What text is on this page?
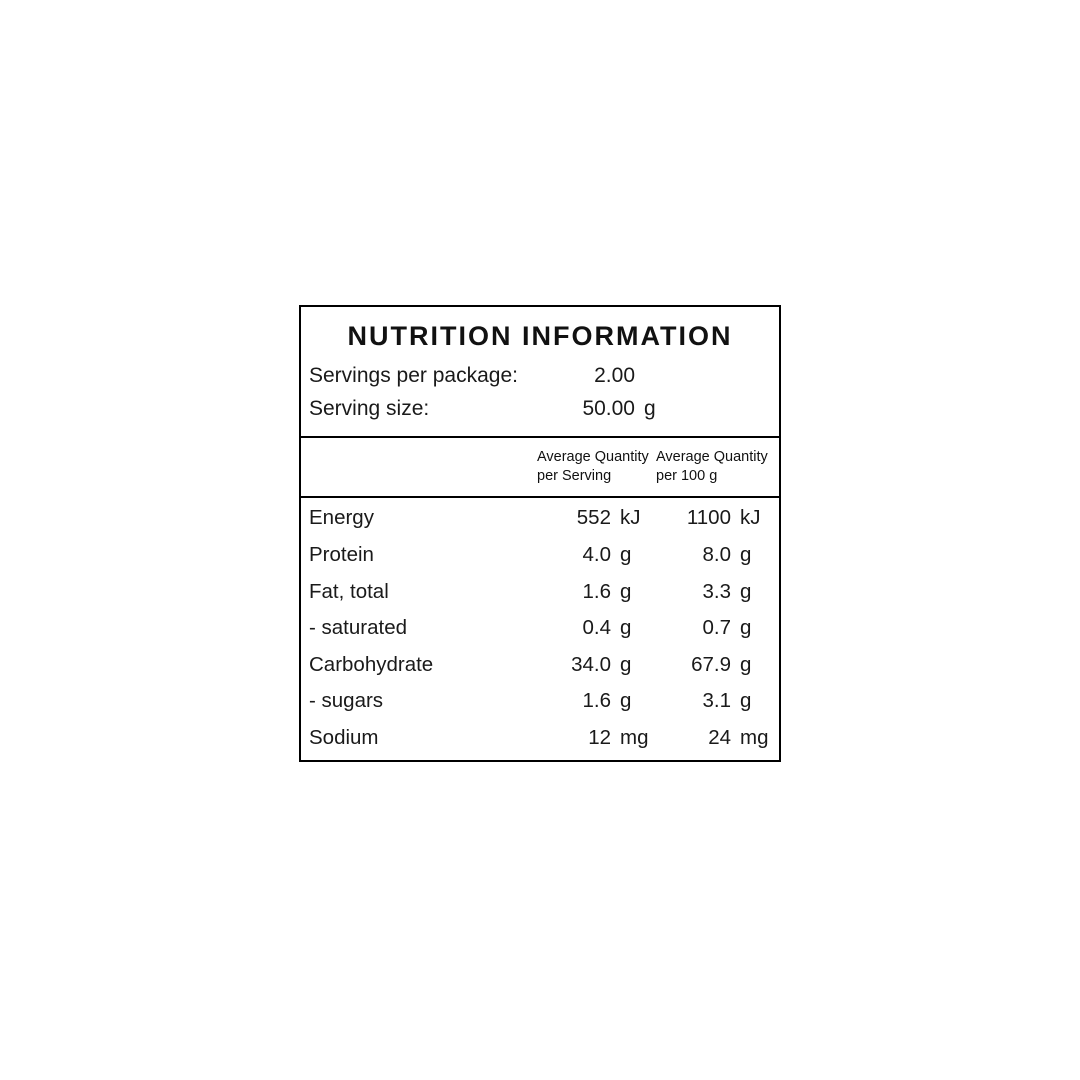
NUTRITION INFORMATION
Servings per package:	2.00
Serving size:	50.00 g
Average Quantity per Serving
Average Quantity per 100 g
Energy	552 kJ	1100 kJ
Protein	4.0 g	8.0 g
Fat, total	1.6 g	3.3 g
- saturated	0.4 g	0.7 g
Carbohydrate	34.0 g	67.9 g
- sugars	1.6 g	3.1 g
Sodium	12 mg	24 mg
